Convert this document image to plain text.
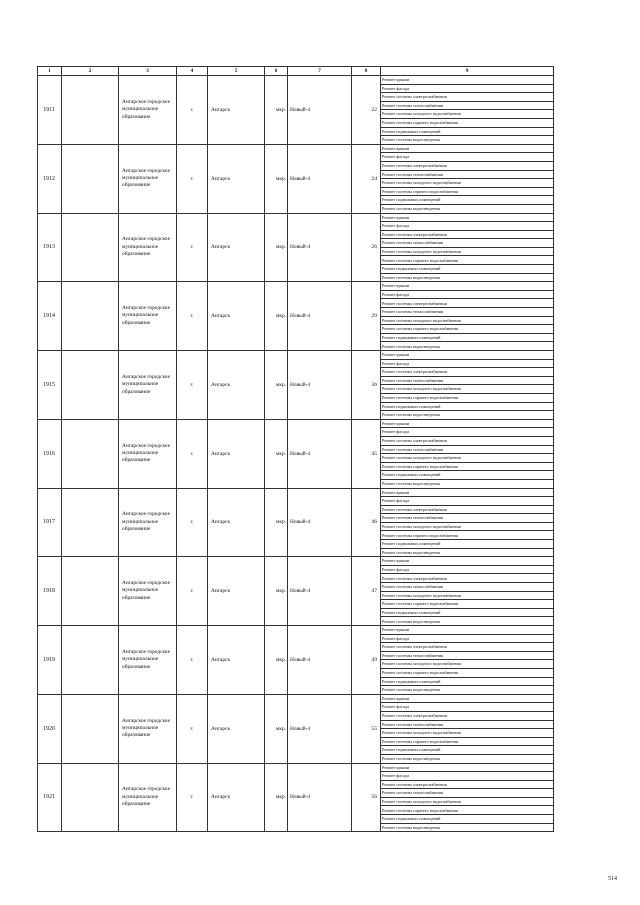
1	2	3	4	5	6	7	8	9
1911		Ангарское городское муниципальное образование	г.	Ангарск	мкр.	Новый-4	22	Ремонт крыши
								Ремонт фасада
								Ремонт системы электроснабжения
								Ремонт системы теплоснабжения
								Ремонт системы холодного водоснабжения
								Ремонт системы горячего водоснабжения
								Ремонт подвальных помещений
								Ремонт системы водоотведения
1912		Ангарское городское муниципальное образование	г.	Ангарск	мкр.	Новый-4	24	Ремонт крыши
								Ремонт фасада
								Ремонт системы электроснабжения
								Ремонт системы теплоснабжения
								Ремонт системы холодного водоснабжения
								Ремонт системы горячего водоснабжения
								Ремонт подвальных помещений
								Ремонт системы водоотведения
1913		Ангарское городское муниципальное образование	г.	Ангарск	мкр.	Новый-4	26	Ремонт крыши
								Ремонт фасада
								Ремонт системы электроснабжения
								Ремонт системы теплоснабжения
								Ремонт системы холодного водоснабжения
								Ремонт системы горячего водоснабжения
								Ремонт подвальных помещений
								Ремонт системы водоотведения
1914		Ангарское городское муниципальное образование	г.	Ангарск	мкр.	Новый-4	29	Ремонт крыши
								Ремонт фасада
								Ремонт системы электроснабжения
								Ремонт системы теплоснабжения
								Ремонт системы холодного водоснабжения
								Ремонт системы горячего водоснабжения
								Ремонт подвальных помещений
								Ремонт системы водоотведения
1915		Ангарское городское муниципальное образование	г.	Ангарск	мкр.	Новый-4	36	Ремонт крыши
								Ремонт фасада
								Ремонт системы электроснабжения
								Ремонт системы теплоснабжения
								Ремонт системы холодного водоснабжения
								Ремонт системы горячего водоснабжения
								Ремонт подвальных помещений
								Ремонт системы водоотведения
1916		Ангарское городское муниципальное образование	г.	Ангарск	мкр.	Новый-4	45	Ремонт крыши
								Ремонт фасада
								Ремонт системы электроснабжения
								Ремонт системы теплоснабжения
								Ремонт системы холодного водоснабжения
								Ремонт системы горячего водоснабжения
								Ремонт подвальных помещений
								Ремонт системы водоотведения
1917		Ангарское городское муниципальное образование	г.	Ангарск	мкр.	Новый-4	46	Ремонт крыши
								Ремонт фасада
								Ремонт системы электроснабжения
								Ремонт системы теплоснабжения
								Ремонт системы холодного водоснабжения
								Ремонт системы горячего водоснабжения
								Ремонт подвальных помещений
								Ремонт системы водоотведения
1918		Ангарское городское муниципальное образование	г.	Ангарск	мкр.	Новый-4	47	Ремонт крыши
								Ремонт фасада
								Ремонт системы электроснабжения
								Ремонт системы теплоснабжения
								Ремонт системы холодного водоснабжения
								Ремонт системы горячего водоснабжения
								Ремонт подвальных помещений
								Ремонт системы водоотведения
1919		Ангарское городское муниципальное образование	г.	Ангарск	мкр.	Новый-4	49	Ремонт крыши
								Ремонт фасада
								Ремонт системы электроснабжения
								Ремонт системы теплоснабжения
								Ремонт системы холодного водоснабжения
								Ремонт системы горячего водоснабжения
								Ремонт подвальных помещений
								Ремонт системы водоотведения
1920		Ангарское городское муниципальное образование	г.	Ангарск	мкр.	Новый-4	55	Ремонт крыши
								Ремонт фасада
								Ремонт системы электроснабжения
								Ремонт системы теплоснабжения
								Ремонт системы холодного водоснабжения
								Ремонт системы горячего водоснабжения
								Ремонт подвальных помещений
								Ремонт системы водоотведения
1921		Ангарское городское муниципальное образование	г.	Ангарск	мкр.	Новый-4	56	Ремонт крыши
								Ремонт фасада
								Ремонт системы электроснабжения
								Ремонт системы теплоснабжения
								Ремонт системы холодного водоснабжения
								Ремонт системы горячего водоснабжения
								Ремонт подвальных помещений
								Ремонт системы водоотведения
514
